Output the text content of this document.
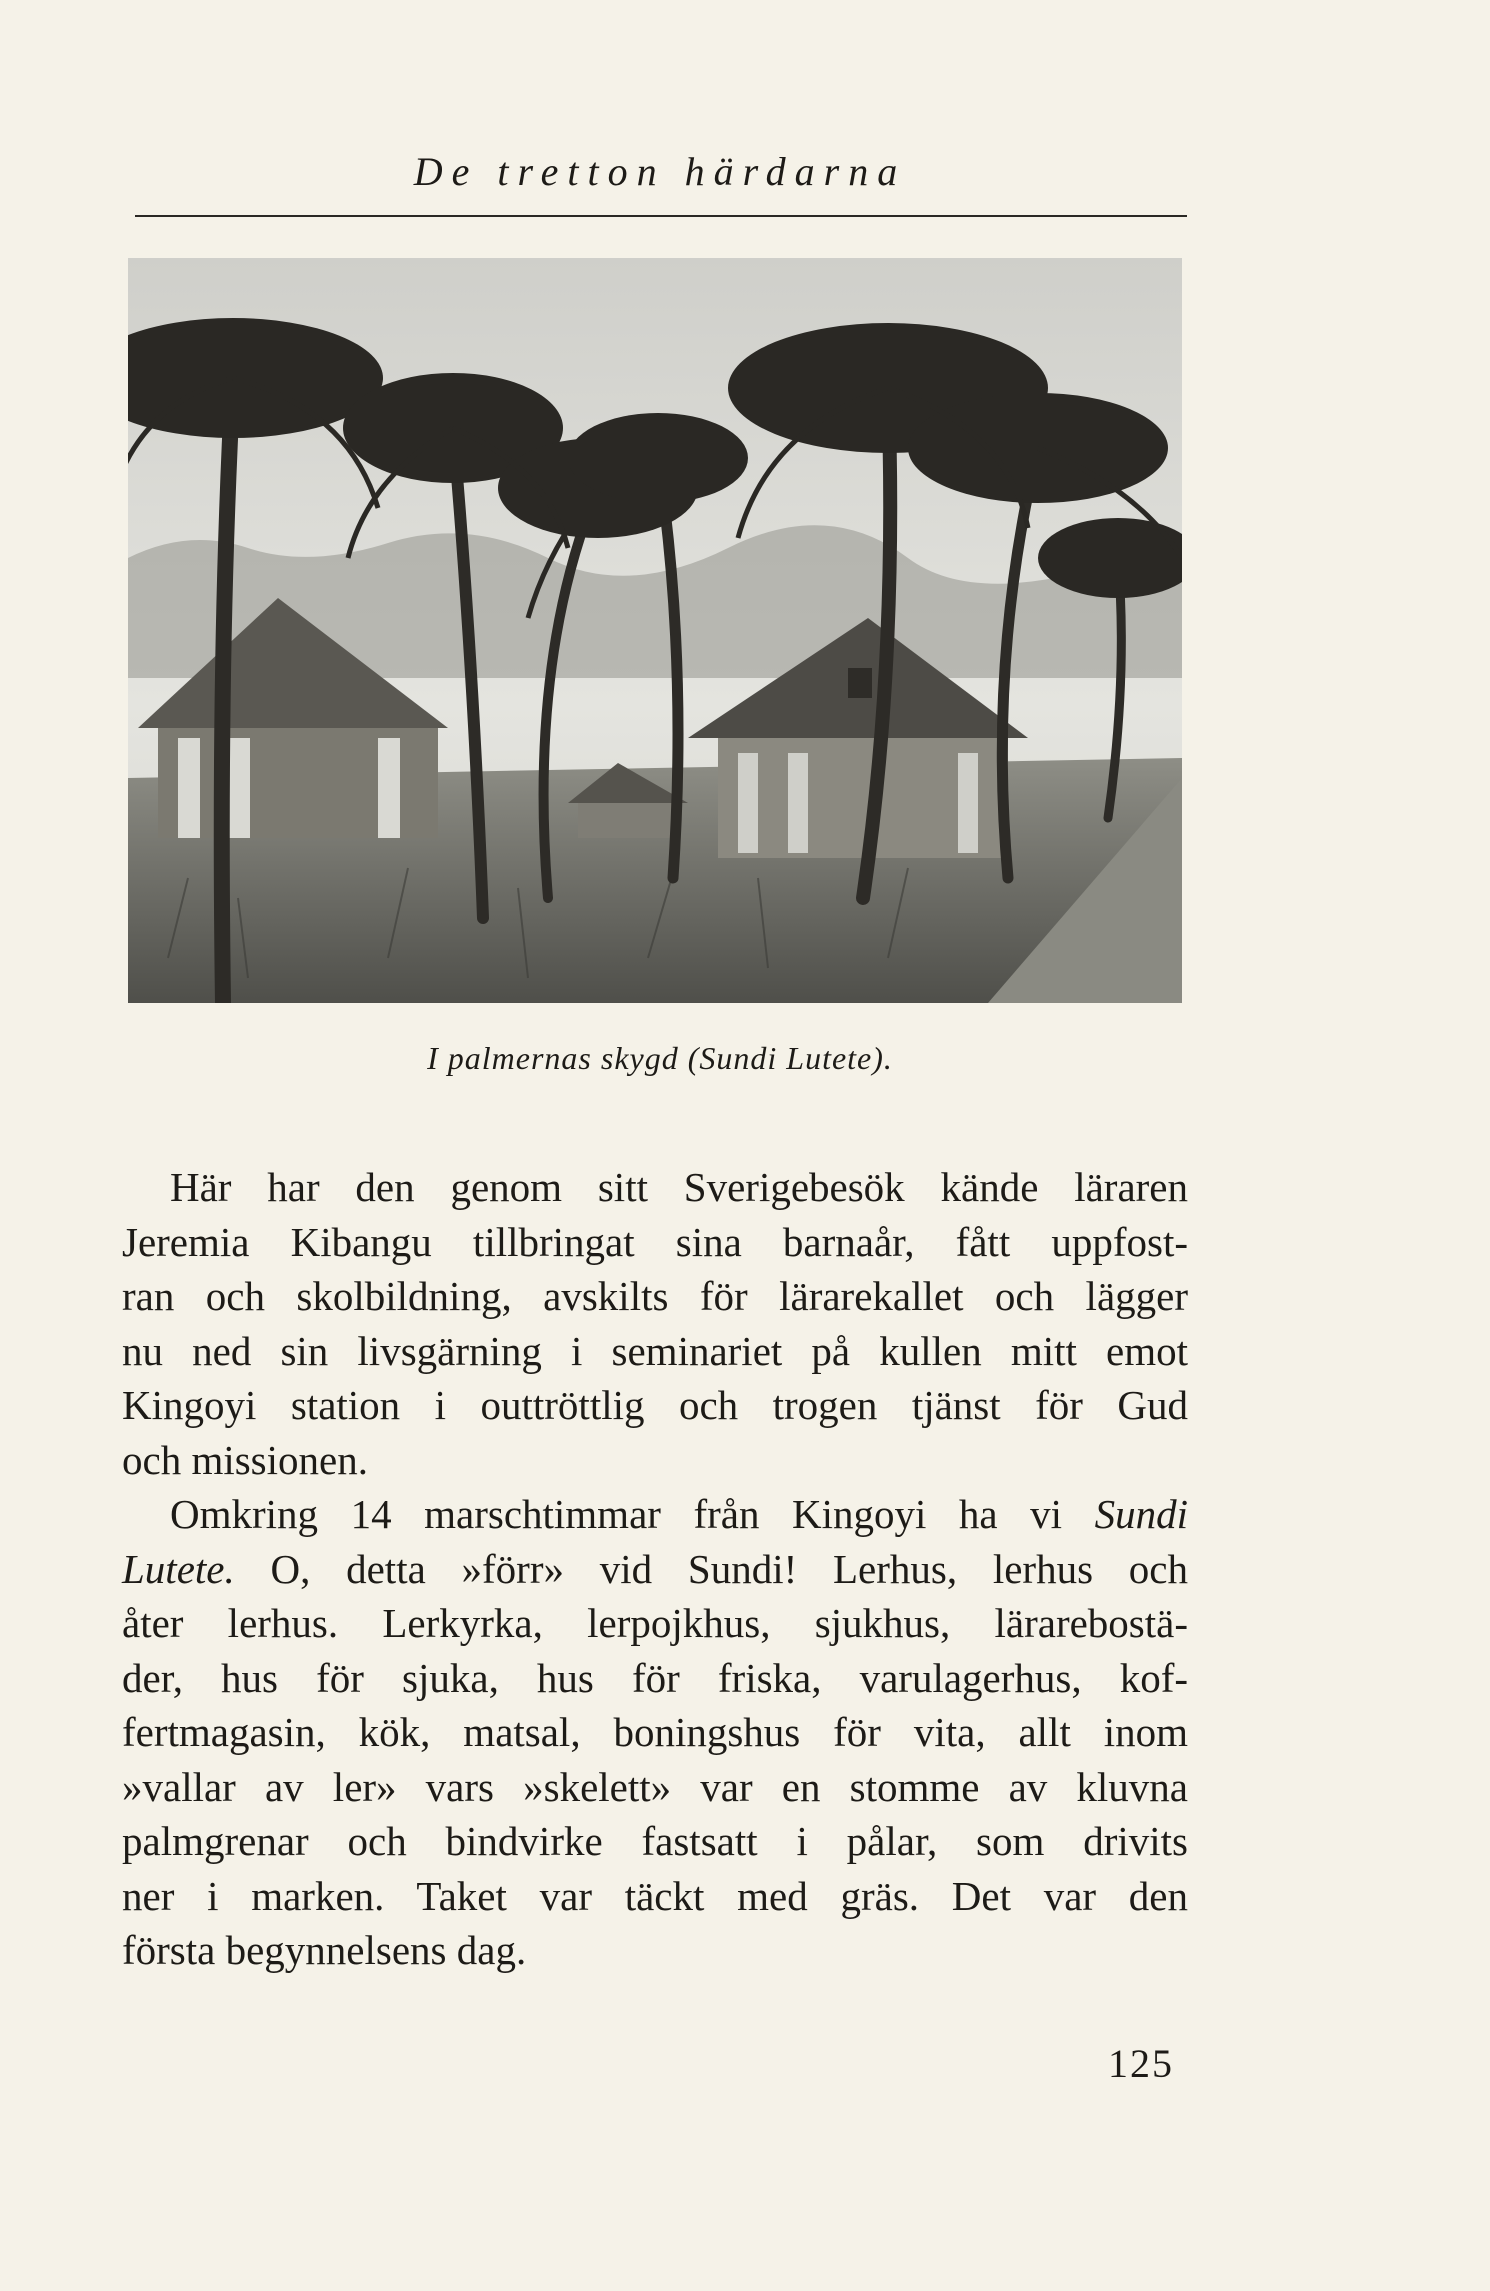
De tretton härdarna
I palmernas skygd (Sundi Lutete).

Här har den genom sitt Sverigebesök kände läraren
Jeremia Kibangu tillbringat sina barnaår, fått uppfost-
ran och skolbildning, avskilts för lärarekallet och lägger
nu ned sin livsgärning i seminariet på kullen mitt emot
Kingoyi station i outtröttlig och trogen tjänst för Gud
och missionen.

Omkring 14 marschtimmar från Kingoyi ha vi Sundi
Lutete. O, detta »förr» vid Sundi! Lerhus, lerhus och
åter lerhus. Lerkyrka, lerpojkhus, sjukhus, lärarebostä-
der, hus för sjuka, hus för friska, varulagerhus, kof-
fertmagasin, kök, matsal, boningshus för vita, allt inom
»vallar av ler» vars »skelett» var en stomme av kluvna
palmgrenar och bindvirke fastsatt i pålar, som drivits
ner i marken. Taket var täckt med gräs. Det var den
första begynnelsens dag.

125
